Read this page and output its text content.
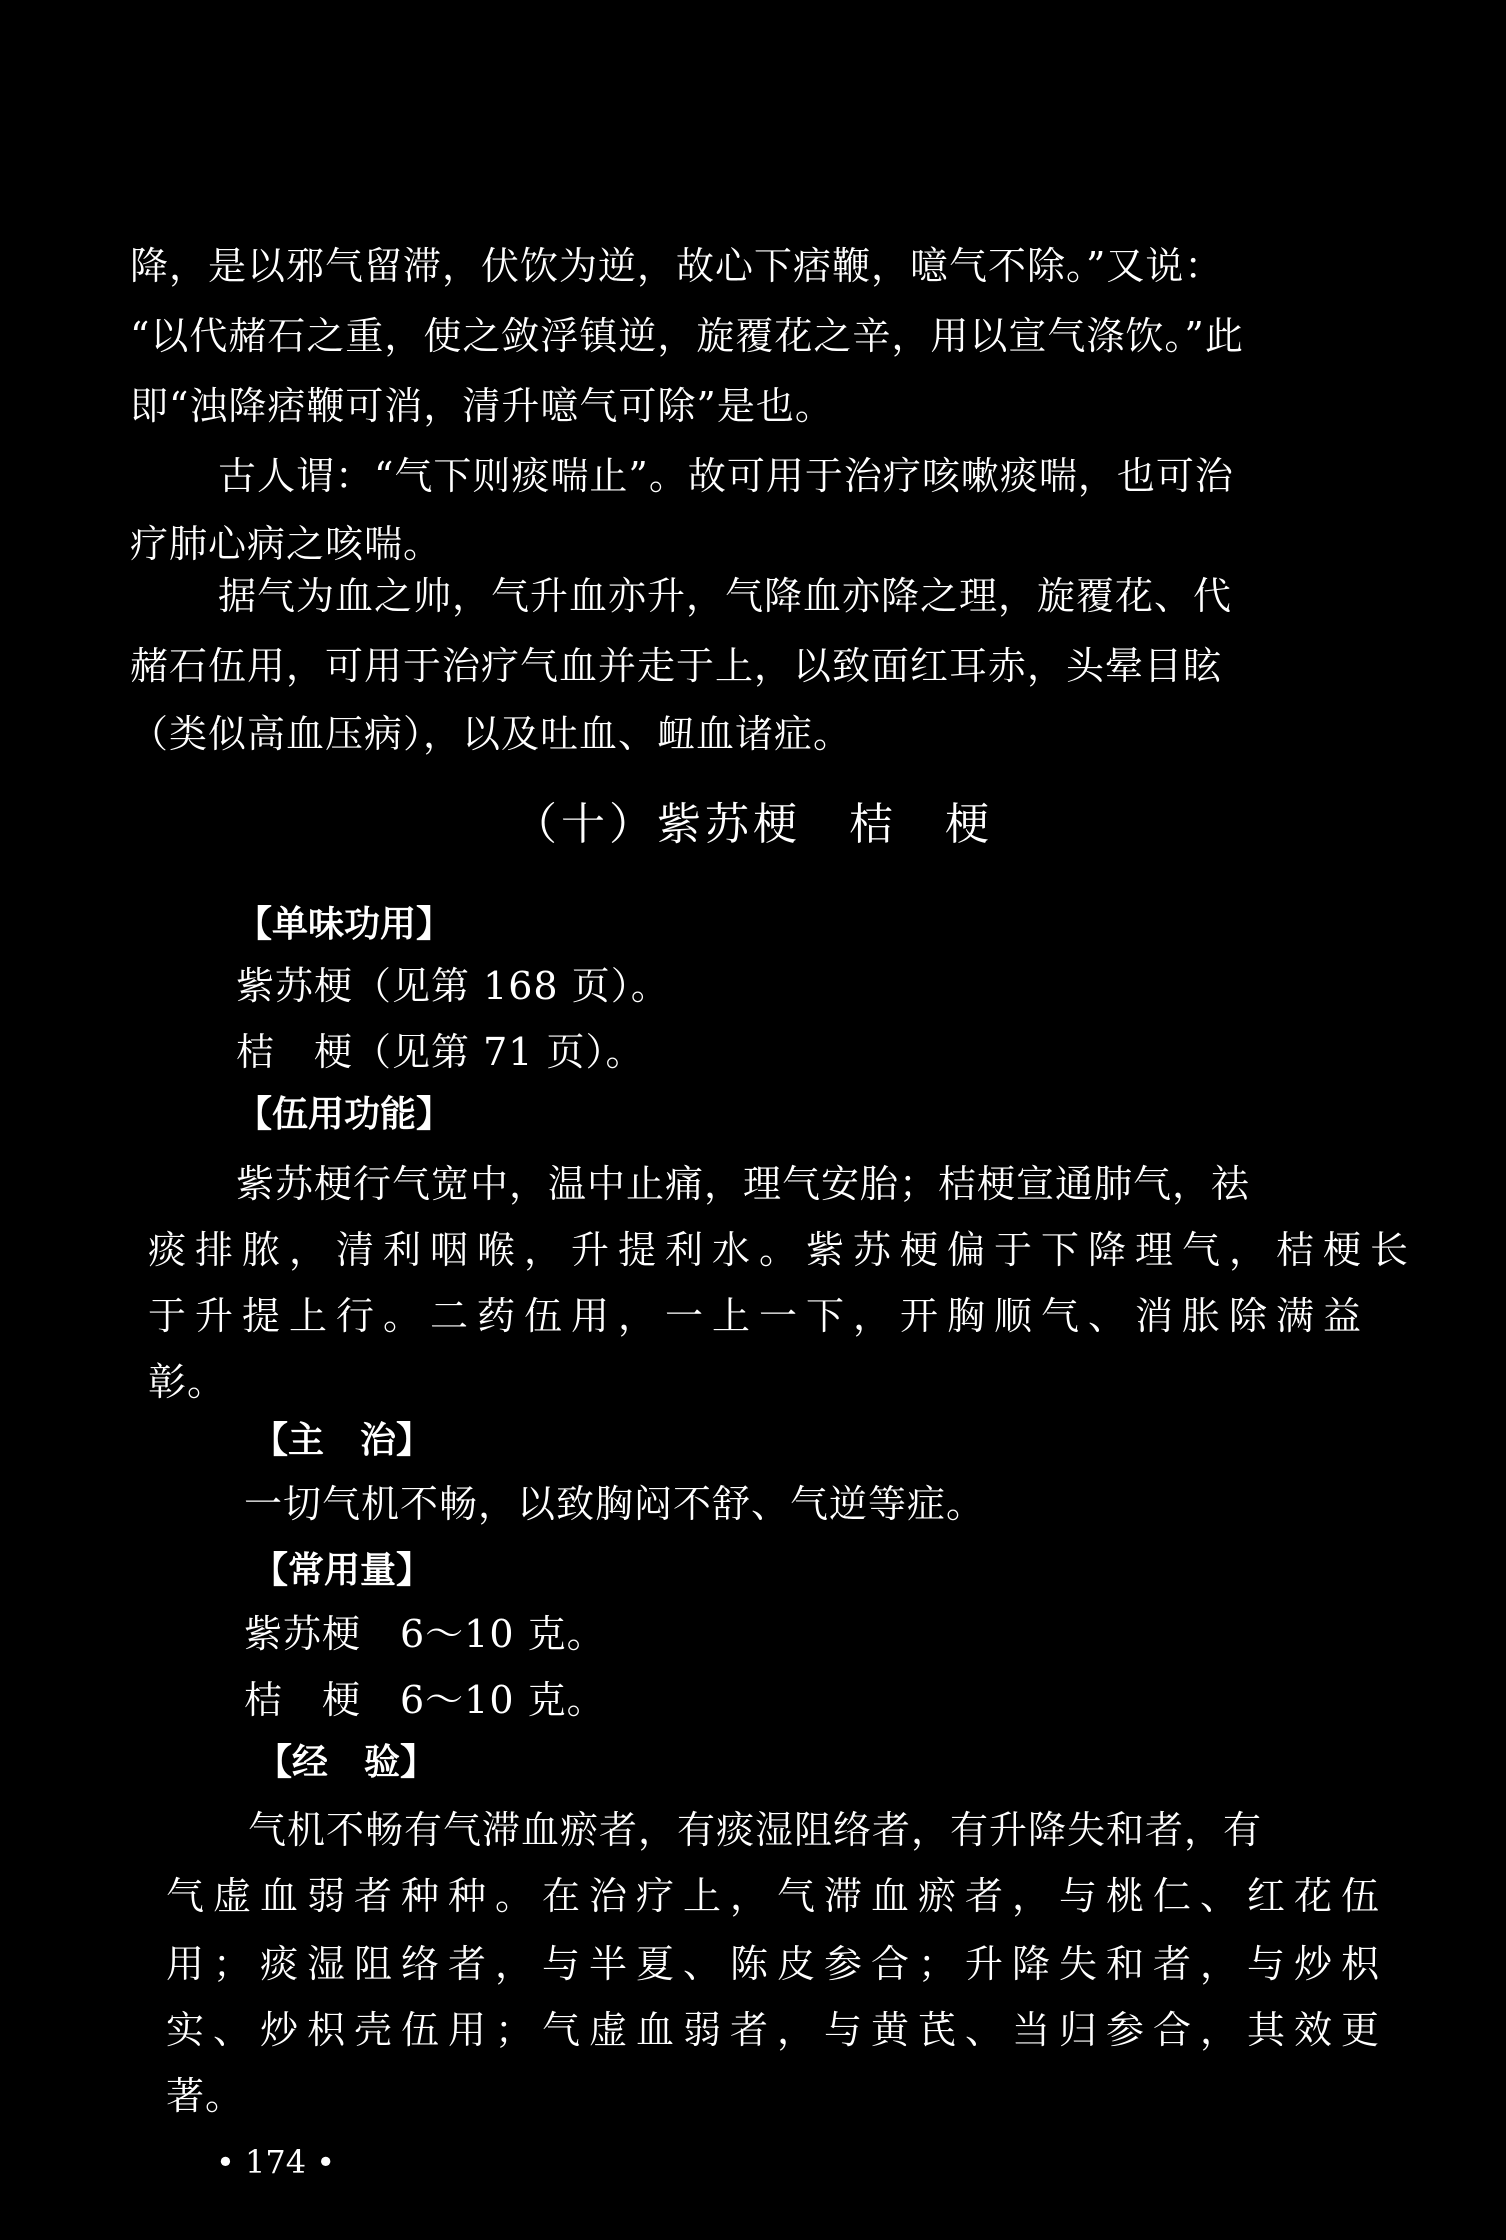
降，是以邪气留滞，伏饮为逆，故心下痞鞭，噫气不除。”又说：
“以代赭石之重，使之敛浮镇逆，旋覆花之辛，用以宣气涤饮。”此
即“浊降痞鞭可消，清升噫气可除”是也。
古人谓：“气下则痰喘止”。故可用于治疗咳嗽痰喘，也可治
疗肺心病之咳喘。
据气为血之帅，气升血亦升，气降血亦降之理，旋覆花、代
赭石伍用，可用于治疗气血并走于上，以致面红耳赤，头晕目眩
（类似高血压病），以及吐血、衄血诸症。
（十）紫苏梗　桔　梗
【单味功用】
紫苏梗（见第 168 页）。
桔　梗（见第 71 页）。
【伍用功能】
紫苏梗行气宽中，温中止痛，理气安胎；桔梗宣通肺气，祛
痰排脓，清利咽喉，升提利水。紫苏梗偏于下降理气，桔梗长
于升提上行。二药伍用，一上一下，开胸顺气、消胀除满益
彰。
【主　治】
一切气机不畅，以致胸闷不舒、气逆等症。
【常用量】
紫苏梗　6～10 克。
桔　梗　6～10 克。
【经　验】
气机不畅有气滞血瘀者，有痰湿阻络者，有升降失和者，有
气虚血弱者种种。在治疗上，气滞血瘀者，与桃仁、红花伍
用；痰湿阻络者，与半夏、陈皮参合；升降失和者，与炒枳
实、炒枳壳伍用；气虚血弱者，与黄芪、当归参合，其效更
著。
• 174 •
